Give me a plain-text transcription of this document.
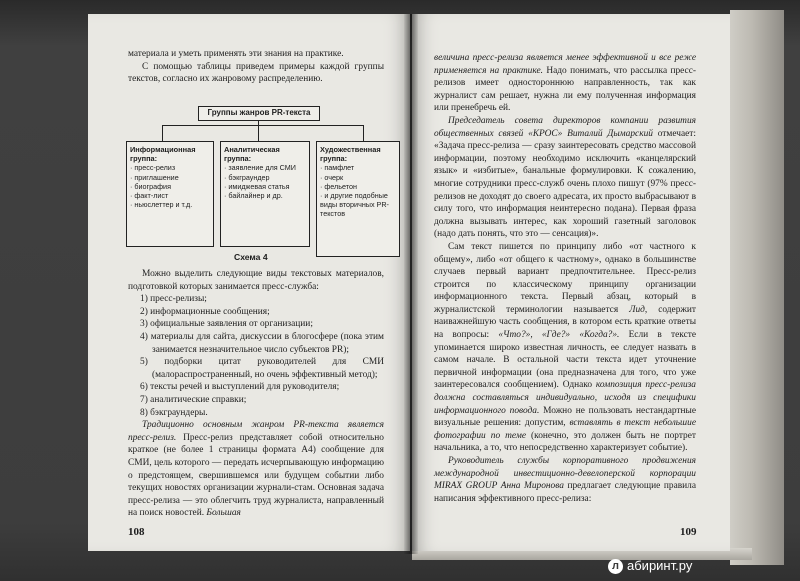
материала и уметь применять эти знания на практике.

С помощью таблицы приведем примеры каждой группы текстов, согласно их жанровому распределению.

Группы жанров PR-текста
Информационная группа:
· пресс-релиз
· приглашение
· биография
· факт-лист
· ньюслеттер и т.д.
Аналитическая группа:
· заявление для СМИ
· бэкграундер
· имиджевая статья
· байлайнер и др.
Художественная группа:
· памфлет
· очерк
· фельетон
· и другие подобные виды вторичных PR-текстов
Схема 4

Можно выделить следующие виды текстовых материалов, подготовкой которых занимается пресс-служба:

1) пресс-релизы;
2) информационные сообщения;
3) официальные заявления от организации;
4) материалы для сайта, дискуссии в блогосфере (пока этим занимается незначительное число субъектов PR);
5) подборки цитат руководителей для СМИ (малораспространенный, но очень эффективный метод);
6) тексты речей и выступлений для руководителя;
7) аналитические справки;
8) бэкграундеры.

Традиционно основным жанром PR-текста является пресс-релиз. Пресс-релиз представляет собой относительно краткое (не более 1 страницы формата А4) сообщение для СМИ, цель которого — передать исчерпывающую информацию о предстоящем, свершившемся или будущем событии либо текущих новостях организации журнали-стам. Основная задача пресс-релиза — это облегчить труд журналиста, направленный на поиск новостей. Большая

108

величина пресс-релиза является менее эффективной и все реже применяется на практике. Надо понимать, что рассылка пресс-релизов имеет одностороннюю направленность, так как журналист сам решает, нужна ли ему полученная информация или пренебречь ей.

Председатель совета директоров компании развития общественных связей «КРОС» Виталий Дымарский отмечает: «Задача пресс-релиза — сразу заинтересовать средство массовой информации, поэтому необходимо исключить «канцелярский язык» и «избитые», банальные формулировки. К сожалению, многие сотрудники пресс-служб очень плохо пишут (97% пресс-релизов не доходят до своего адресата, их просто выбрасывают в силу того, что информация неинтересно подана). Первая фраза должна вызывать интерес, как хороший газетный заголовок (надо дать понять, что это — сенсация)».

Сам текст пишется по принципу либо «от частного к общему», либо «от общего к частному», однако в большинстве случаев первый вариант предпочтительнее. Пресс-релиз строится по классическому принципу организации информационного текста. Первый абзац, который в журналистской терминологии называется Лид, содержит наиважнейшую часть сообщения, в котором есть краткие ответы на вопросы: «Что?», «Где?» «Когда?». Если в тексте упоминается широко известная личность, ее следует назвать в самом начале. В остальной части текста идет уточнение первичной информации (она предназначена для того, что уже заинтересовался сообщением). Однако композиция пресс-релиза должна составляться индивидуально, исходя из специфики информационного повода. Можно не пользовать нестандартные визуальные решения: допустим, вставлять в текст небольшие фотографии по теме (конечно, это должен быть не портрет начальника, а то, что непосредственно характеризует событие).

Руководитель службы корпоративного продвижения международной инвестиционно-девелоперской корпорации MIRAX GROUP Анна Миронова предлагает следующие правила написания эффективного пресс-релиза:

109
л абиринт.ру
